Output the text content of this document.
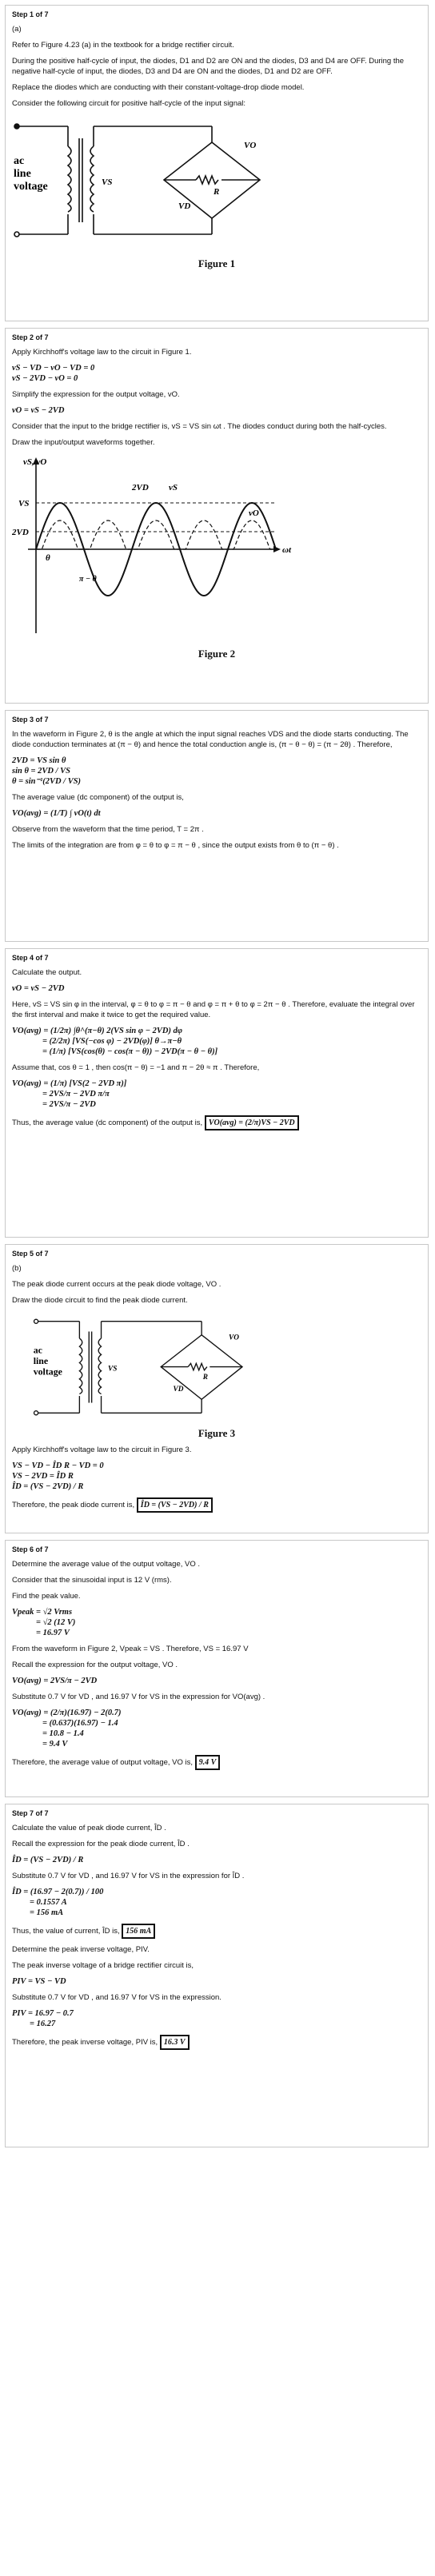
Step 1 of 7
(a)
Refer to Figure 4.23 (a) in the textbook for a bridge rectifier circuit.
During the positive half-cycle of input, the diodes, D1 and D2 are ON and the diodes, D3 and D4 are OFF. During the negative half-cycle of input, the diodes, D3 and D4 are ON and the diodes, D1 and D2 are OFF.
Replace the diodes which are conducting with their constant-voltage-drop diode model.
Consider the following circuit for positive half-cycle of the input signal:
ac
line
voltage	VS
VO
R
VD
Figure 1
Step 2 of 7
Apply Kirchhoff's voltage law to the circuit in Figure 1.
vS − VD − vO − VD = 0
vS − 2VD − vO = 0
Simplify the expression for the output voltage, vO.
vO = vS − 2VD
Consider that the input to the bridge rectifier is, vS = VS sin ωt . The diodes conduct during both the half-cycles.
Draw the input/output waveforms together.
vS, vO
ωt
VS
2VD
2VD vS
vO
θ
π − θ
Figure 2
Step 3 of 7
In the waveform in Figure 2, θ is the angle at which the input signal reaches VDS and the diode starts conducting. The diode conduction terminates at (π − θ) and hence the total conduction angle is, (π − θ − θ) = (π − 2θ) . Therefore,
2VD = VS sin θ
sin θ = 2VD / VS
θ = sin⁻¹(2VD / VS)
The average value (dc component) of the output is,
VO(avg) = (1/T) ∫ vO(t) dt
Observe from the waveform that the time period, T = 2π .
The limits of the integration are from φ = θ to φ = π − θ , since the output exists from θ to (π − θ) .
Step 4 of 7
Calculate the output.
vO = vS − 2VD
Here, vS = VS sin φ in the interval, φ = θ to φ = π − θ and φ = π + θ to φ = 2π − θ . Therefore, evaluate the integral over the first interval and make it twice to get the required value.
VO(avg) = (1/2π) ∫θ^(π−θ) 2(VS sin φ − 2VD) dφ
= (2/2π) [VS(−cos φ) − 2VD(φ)] θ→π−θ
= (1/π) [VS(cos(θ) − cos(π − θ)) − 2VD(π − θ − θ)]
Assume that, cos θ = 1 , then cos(π − θ) = −1 and π − 2θ ≈ π . Therefore,
VO(avg) = (1/π) [VS(2 − 2VD π)]
= 2VS/π − 2VD π/π
= 2VS/π − 2VD
Thus, the average value (dc component) of the output is, VO(avg) = (2/π)VS − 2VD
Step 5 of 7
(b)
The peak diode current occurs at the peak diode voltage, VO .
Draw the diode circuit to find the peak diode current.
ac
line
voltage	VS
VO
R
VD
Figure 3
Apply Kirchhoff's voltage law to the circuit in Figure 3.
VS − VD − ÎD R − VD = 0
VS − 2VD = ÎD R
ÎD = (VS − 2VD) / R
Therefore, the peak diode current is, ÎD = (VS − 2VD) / R
Step 6 of 7
Determine the average value of the output voltage, VO .
Consider that the sinusoidal input is 12 V (rms).
Find the peak value.
Vpeak = √2 Vrms
= √2 (12 V)
= 16.97 V
From the waveform in Figure 2, Vpeak = VS . Therefore, VS = 16.97 V
Recall the expression for the output voltage, VO .
VO(avg) = 2VS/π − 2VD
Substitute 0.7 V for VD , and 16.97 V for VS in the expression for VO(avg) .
VO(avg) = (2/π)(16.97) − 2(0.7)
= (0.637)(16.97) − 1.4
= 10.8 − 1.4
= 9.4 V
Therefore, the average value of output voltage, VO is, 9.4 V
Step 7 of 7
Calculate the value of peak diode current, ÎD .
Recall the expression for the peak diode current, ÎD .
ÎD = (VS − 2VD) / R
Substitute 0.7 V for VD , and 16.97 V for VS in the expression for ÎD .
ÎD = (16.97 − 2(0.7)) / 100
= 0.1557 A
= 156 mA
Thus, the value of current, ÎD is, 156 mA
Determine the peak inverse voltage, PIV.
The peak inverse voltage of a bridge rectifier circuit is,
PIV = VS − VD
Substitute 0.7 V for VD , and 16.97 V for VS in the expression.
PIV = 16.97 − 0.7
= 16.27
Therefore, the peak inverse voltage, PIV is, 16.3 V
